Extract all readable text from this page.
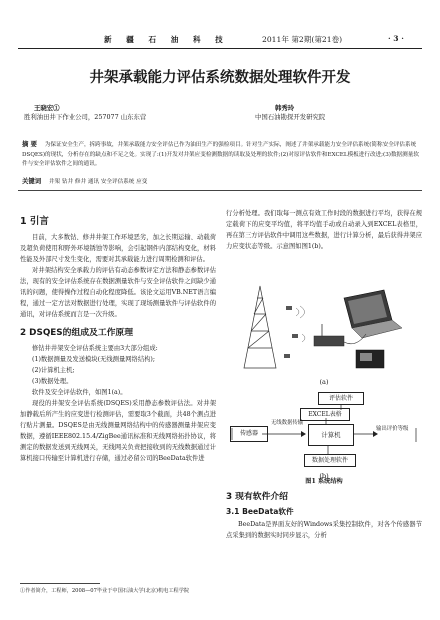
新 疆 石 油 科 技	2011年 第2期(第21卷)	· 3 ·
井架承载能力评估系统数据处理软件开发
王晓宏①
胜利油田井下作业公司，257077 山东东营
韩秀玲
中国石油勘探开发研究院
摘 要 为保证安全生产，拆跨事故，井架承载能力安全评估已作为油田生产的强检项目。针对生产实际，阐述了井架承载能力安全评估系统(简称安全评估系统DSQES)的现状，分析存在的缺点和不足之处。实现了:(1)开发对井架应变检测数据的读取及处理的软件;(2)对原评估软件和EXCEL模板进行改进;(3)数据测量软件与安全评估软件之间的通讯。
关键词 井架 钻井 修井 通讯 安全评估系统 应变
1 引言

目前，大多数钻、修井井架工作环境恶劣，加之长期运输、动载荷及超负荷使用和野外环境锈蚀等影响，会引起钢件内部结构变化，材料性能及外部尺寸发生变化，需要对其承载能力进行周期检测和评估。

对井架结构安全承载力的评估有动态参数评定方法和静态参数评估法，现有的安全评估系统存在数据测量软件与安全评估软件之间缺少通讯的问题，使得操作过程自动化程度降低。该论文运用VB.NET语言编程，通过一定方法对数据进行处理，实现了现场测量软件与评估软件的通讯，对评估系统而言是一次升级。

2 DSQES的组成及工作原理

修钻井井架安全评估系统主要由3大部分组成:

(1)数据测量及发送模块(无线测量网络结构);

(2)计算机主机;

(3)数据处理。

软件及安全评估软件，如图1(a)。

现役的井架安全评估系统(DSQES)采用静态参数评估法。对井架加静载后所产生的应变进行检测评估，需要取3个截面，共48个测点进行贴片测量。DSQES是由无线测量网络结构中的传感器测量井架应变数据，遵循IEEE802.15.4/ZigBee通讯标准和无线网络拓扑协议，将测定的数据发送到无线网关，无线网关负责把接收到的无线数据通过计算机接口传输至计算机进行存储，通过必留公司的BeeData软件进

①作者简介，工程师，2008—07毕业于中国石油大学(北京)机电工程学院

行分析处理。我们取每一测点有效工作时段的数据进行平均，获得在规定载荷下的应变平均值，将平均值手动或自动录入到EXCEL表格里，再在第三方评估软件中调用这些数据，进行计算分析，最后获得井架应力应变状态等级。示意图如图1(b)。

(a)
评估软件
EXCEL表格
传感器
无线数据传输
计算机
输出评价等级
数据处理软件
(b)
图1 系统结构
3 现有软件介绍
3.1 BeeData软件

BeeData是界面友好的Windows采集控制软件，对各个传感器节点采集到的数据实时同步显示，分析
